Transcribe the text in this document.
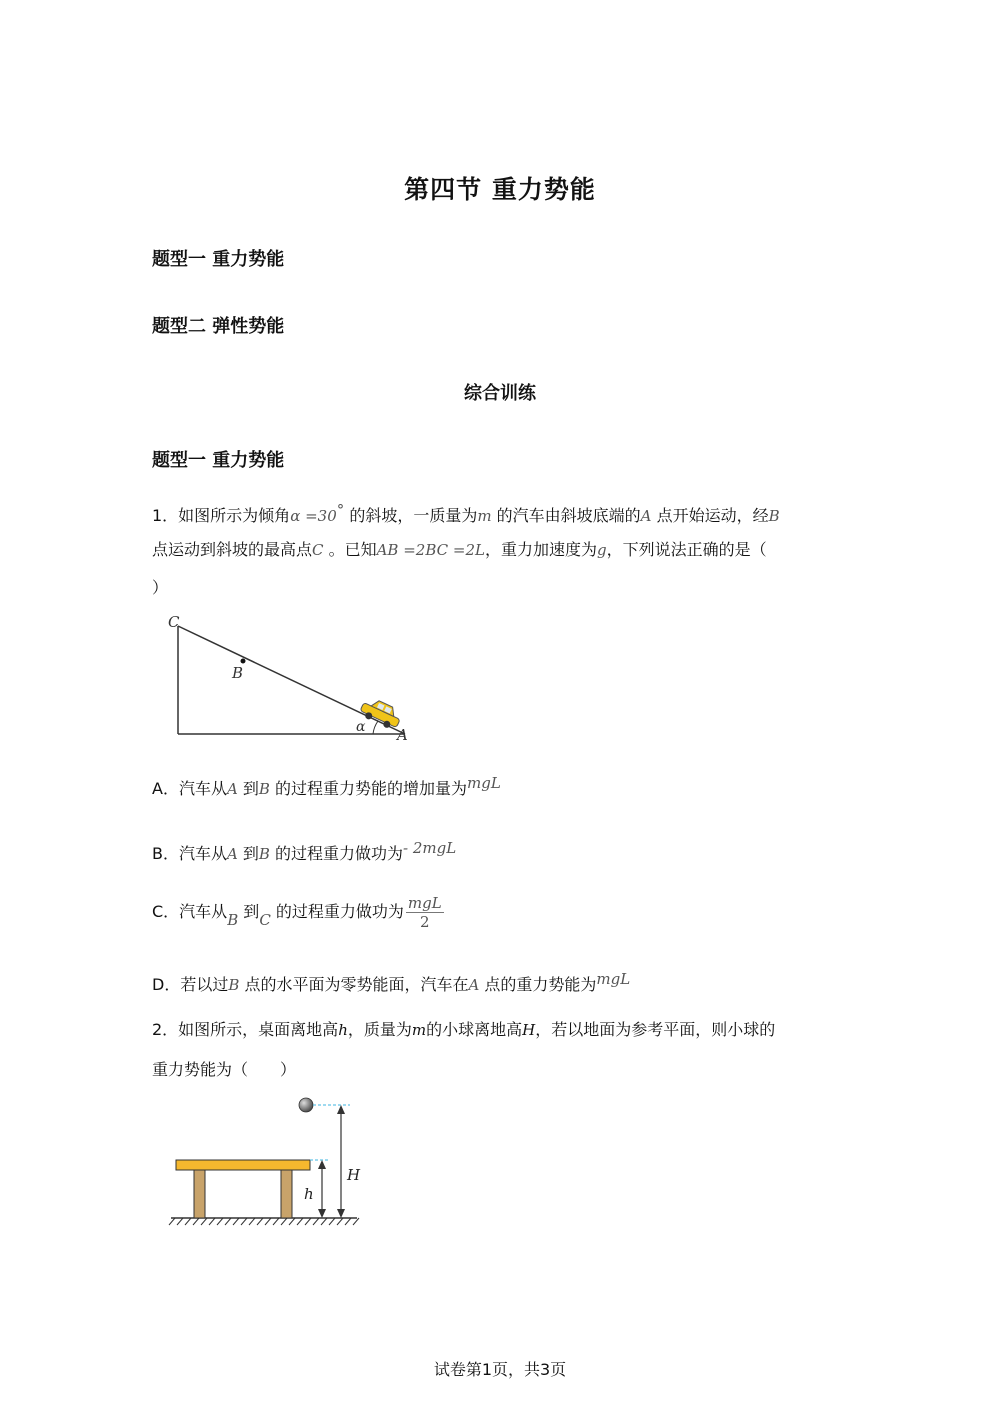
第四节 重力势能
题型一 重力势能
题型二 弹性势能
综合训练
题型一 重力势能
1．如图所示为倾角α =30° 的斜坡，一质量为m 的汽车由斜坡底端的A 点开始运动，经B
点运动到斜坡的最高点C 。已知AB =2BC =2L，重力加速度为g，下列说法正确的是（
）
C
B
A
α
A．汽车从A 到B 的过程重力势能的增加量为mgL
B．汽车从A 到B 的过程重力做功为- 2mgL
C．汽车从B 到C 的过程重力做功为 $\frac{\text{mgL}}{2}$
D．若以过B 点的水平面为零势能面，汽车在A 点的重力势能为mgL
2．如图所示，桌面离地高h，质量为m的小球离地高H，若以地面为参考平面，则小球的
重力势能为（　　）
H
h
试卷第1页，共3页
